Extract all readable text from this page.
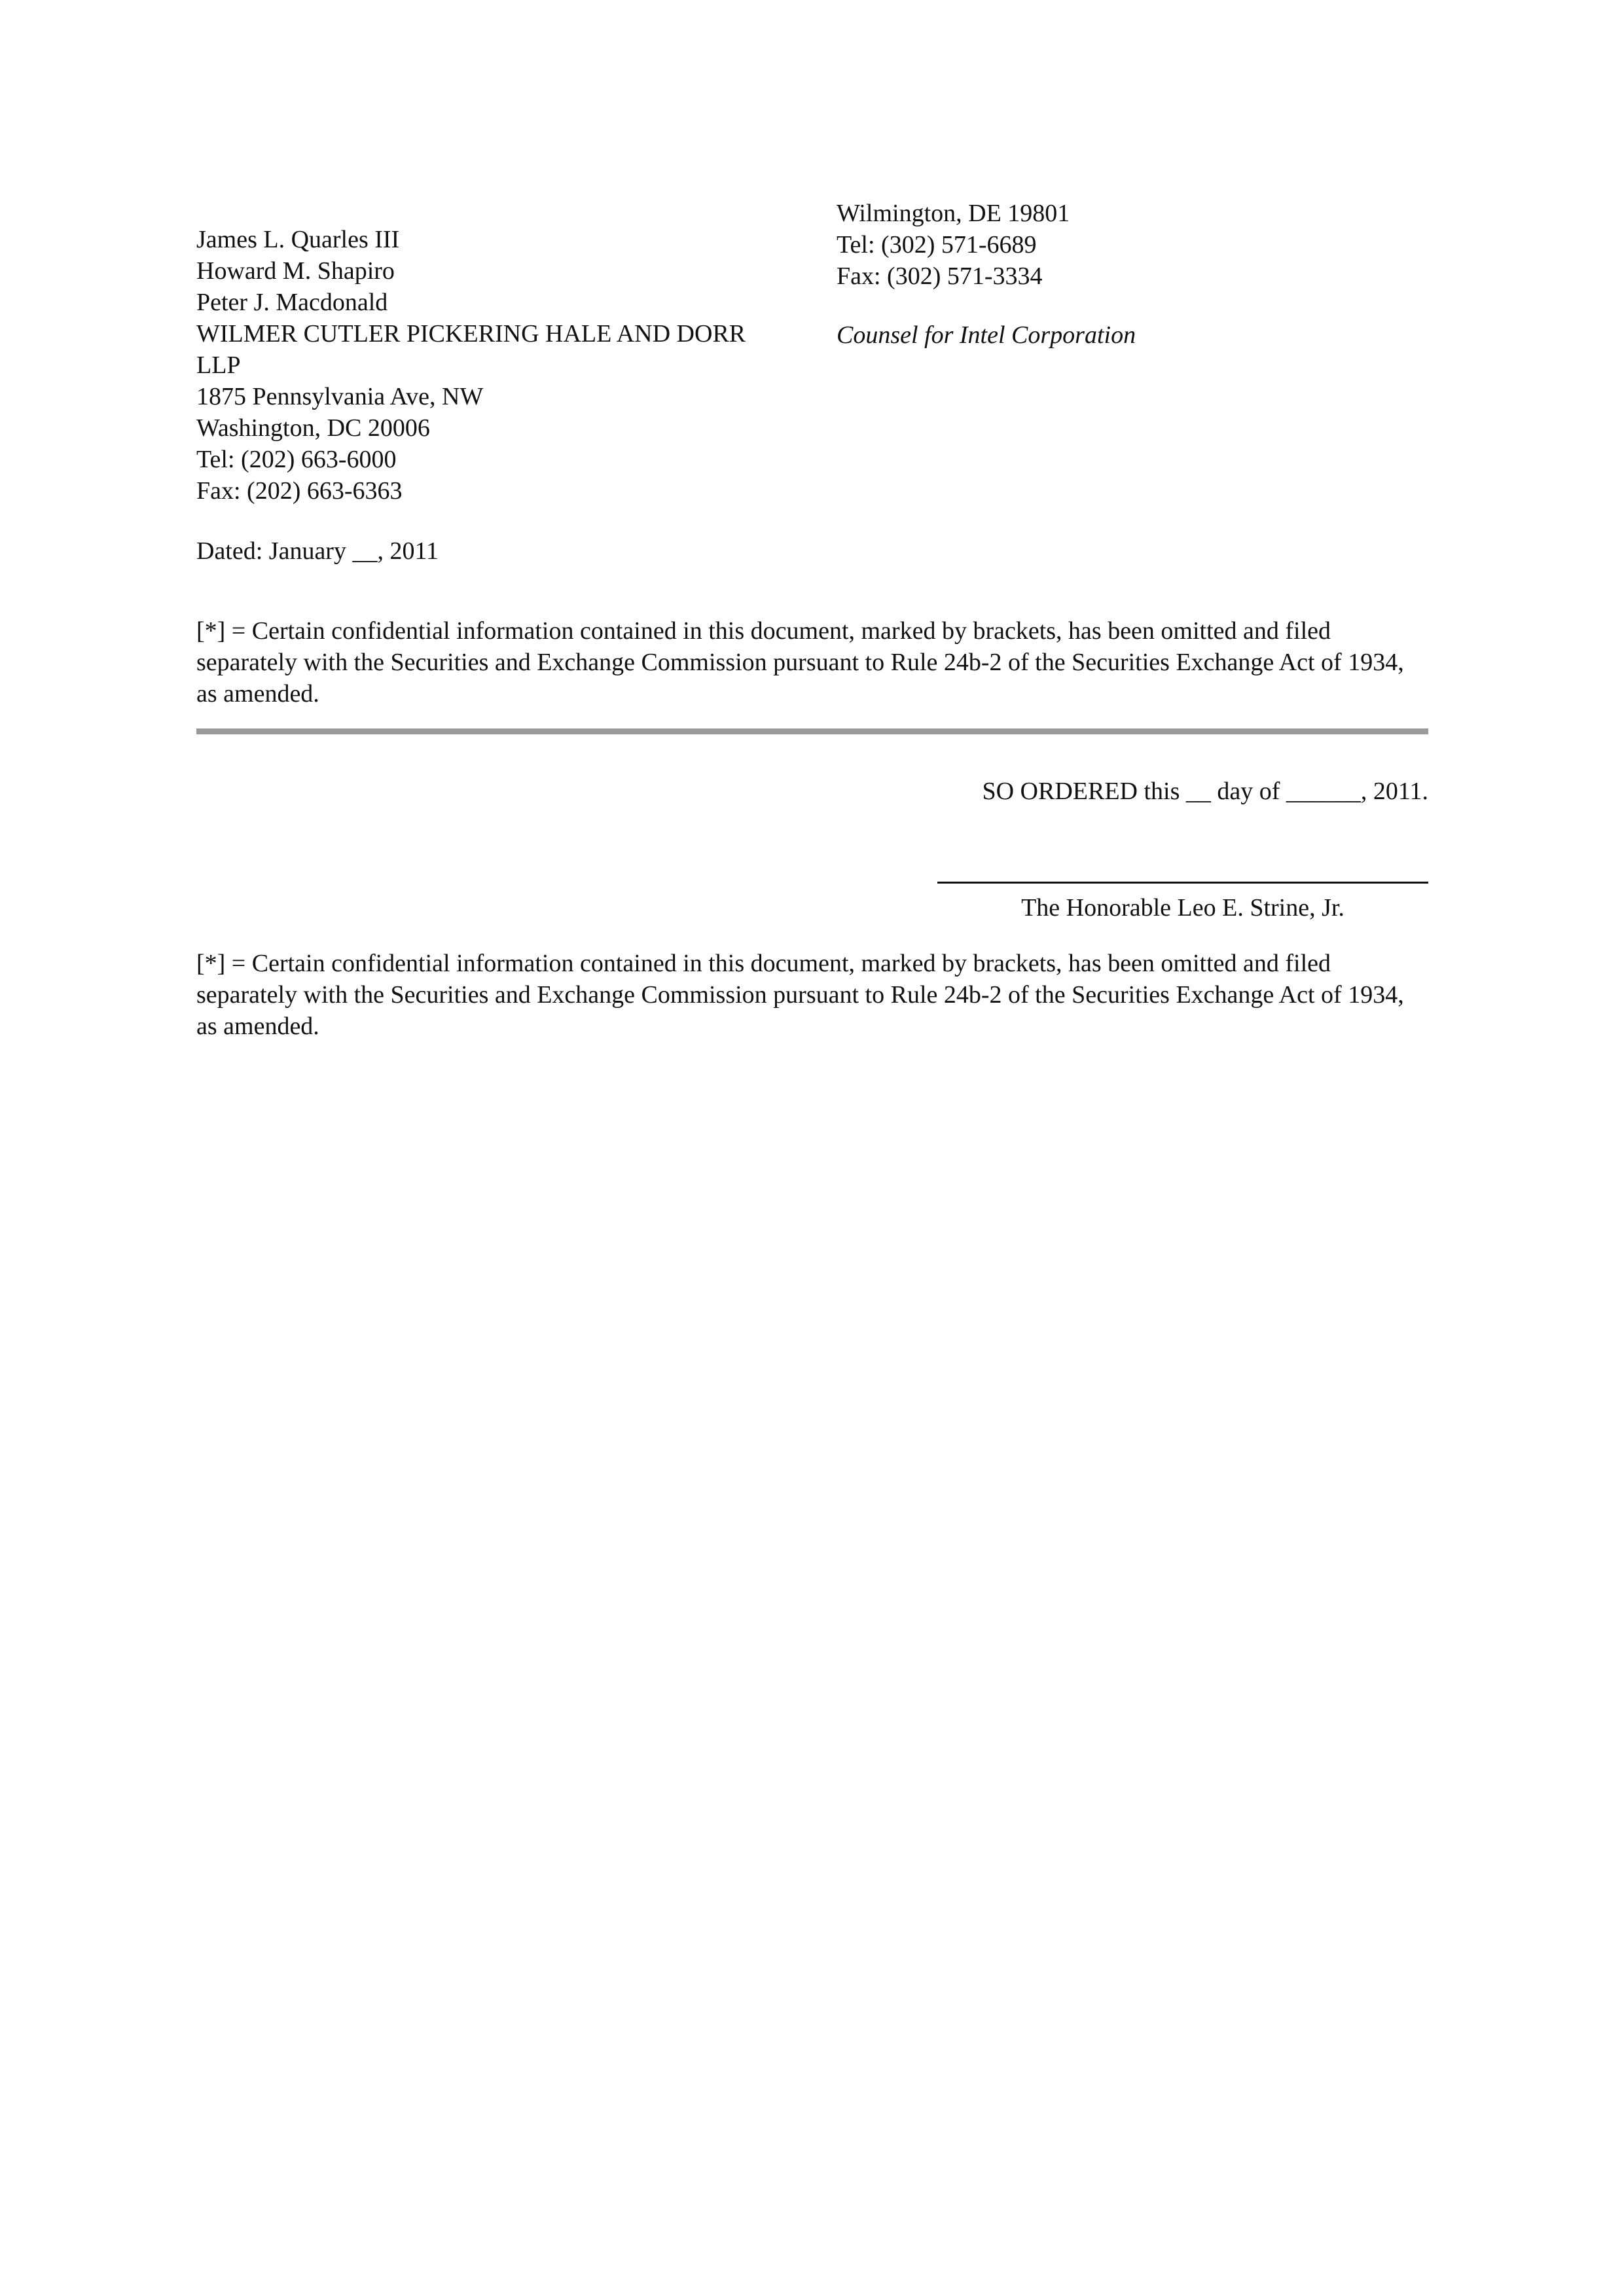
James L. Quarles III
Howard M. Shapiro
Peter J. Macdonald
WILMER CUTLER PICKERING HALE AND DORR
LLP
1875 Pennsylvania Ave, NW
Washington, DC 20006
Tel: (202) 663-6000
Fax: (202) 663-6363
Wilmington, DE 19801
Tel: (302) 571-6689
Fax: (302) 571-3334
Counsel for Intel Corporation
Dated: January __, 2011
[*] = Certain confidential information contained in this document, marked by brackets, has been omitted and filed separately with the Securities and Exchange Commission pursuant to Rule 24b-2 of the Securities Exchange Act of 1934, as amended.
SO ORDERED this __ day of ______, 2011.
The Honorable Leo E. Strine, Jr.
[*] = Certain confidential information contained in this document, marked by brackets, has been omitted and filed separately with the Securities and Exchange Commission pursuant to Rule 24b-2 of the Securities Exchange Act of 1934, as amended.
